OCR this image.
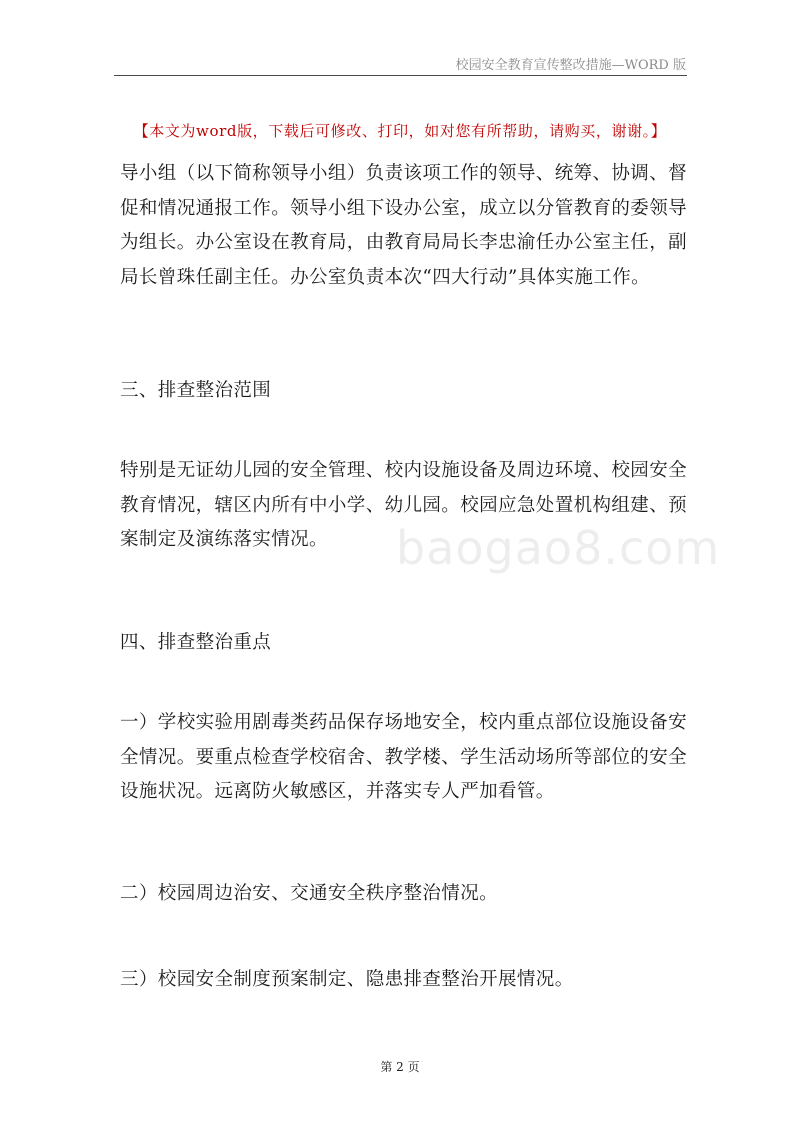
校园安全教育宣传整改措施—WORD 版
【本文为word版，下载后可修改、打印，如对您有所帮助，请购买，谢谢。】

导小组（以下简称领导小组）负责该项工作的领导、统筹、协调、督促和情况通报工作。领导小组下设办公室，成立以分管教育的委领导为组长。办公室设在教育局，由教育局局长李忠渝任办公室主任，副局长曾珠任副主任。办公室负责本次“四大行动”具体实施工作。

三、排查整治范围

特别是无证幼儿园的安全管理、校内设施设备及周边环境、校园安全教育情况，辖区内所有中小学、幼儿园。校园应急处置机构组建、预案制定及演练落实情况。	baogao8.com

四、排查整治重点

一）学校实验用剧毒类药品保存场地安全，校内重点部位设施设备安全情况。要重点检查学校宿舍、教学楼、学生活动场所等部位的安全设施状况。远离防火敏感区，并落实专人严加看管。

二）校园周边治安、交通安全秩序整治情况。

三）校园安全制度预案制定、隐患排查整治开展情况。

第 2 页
